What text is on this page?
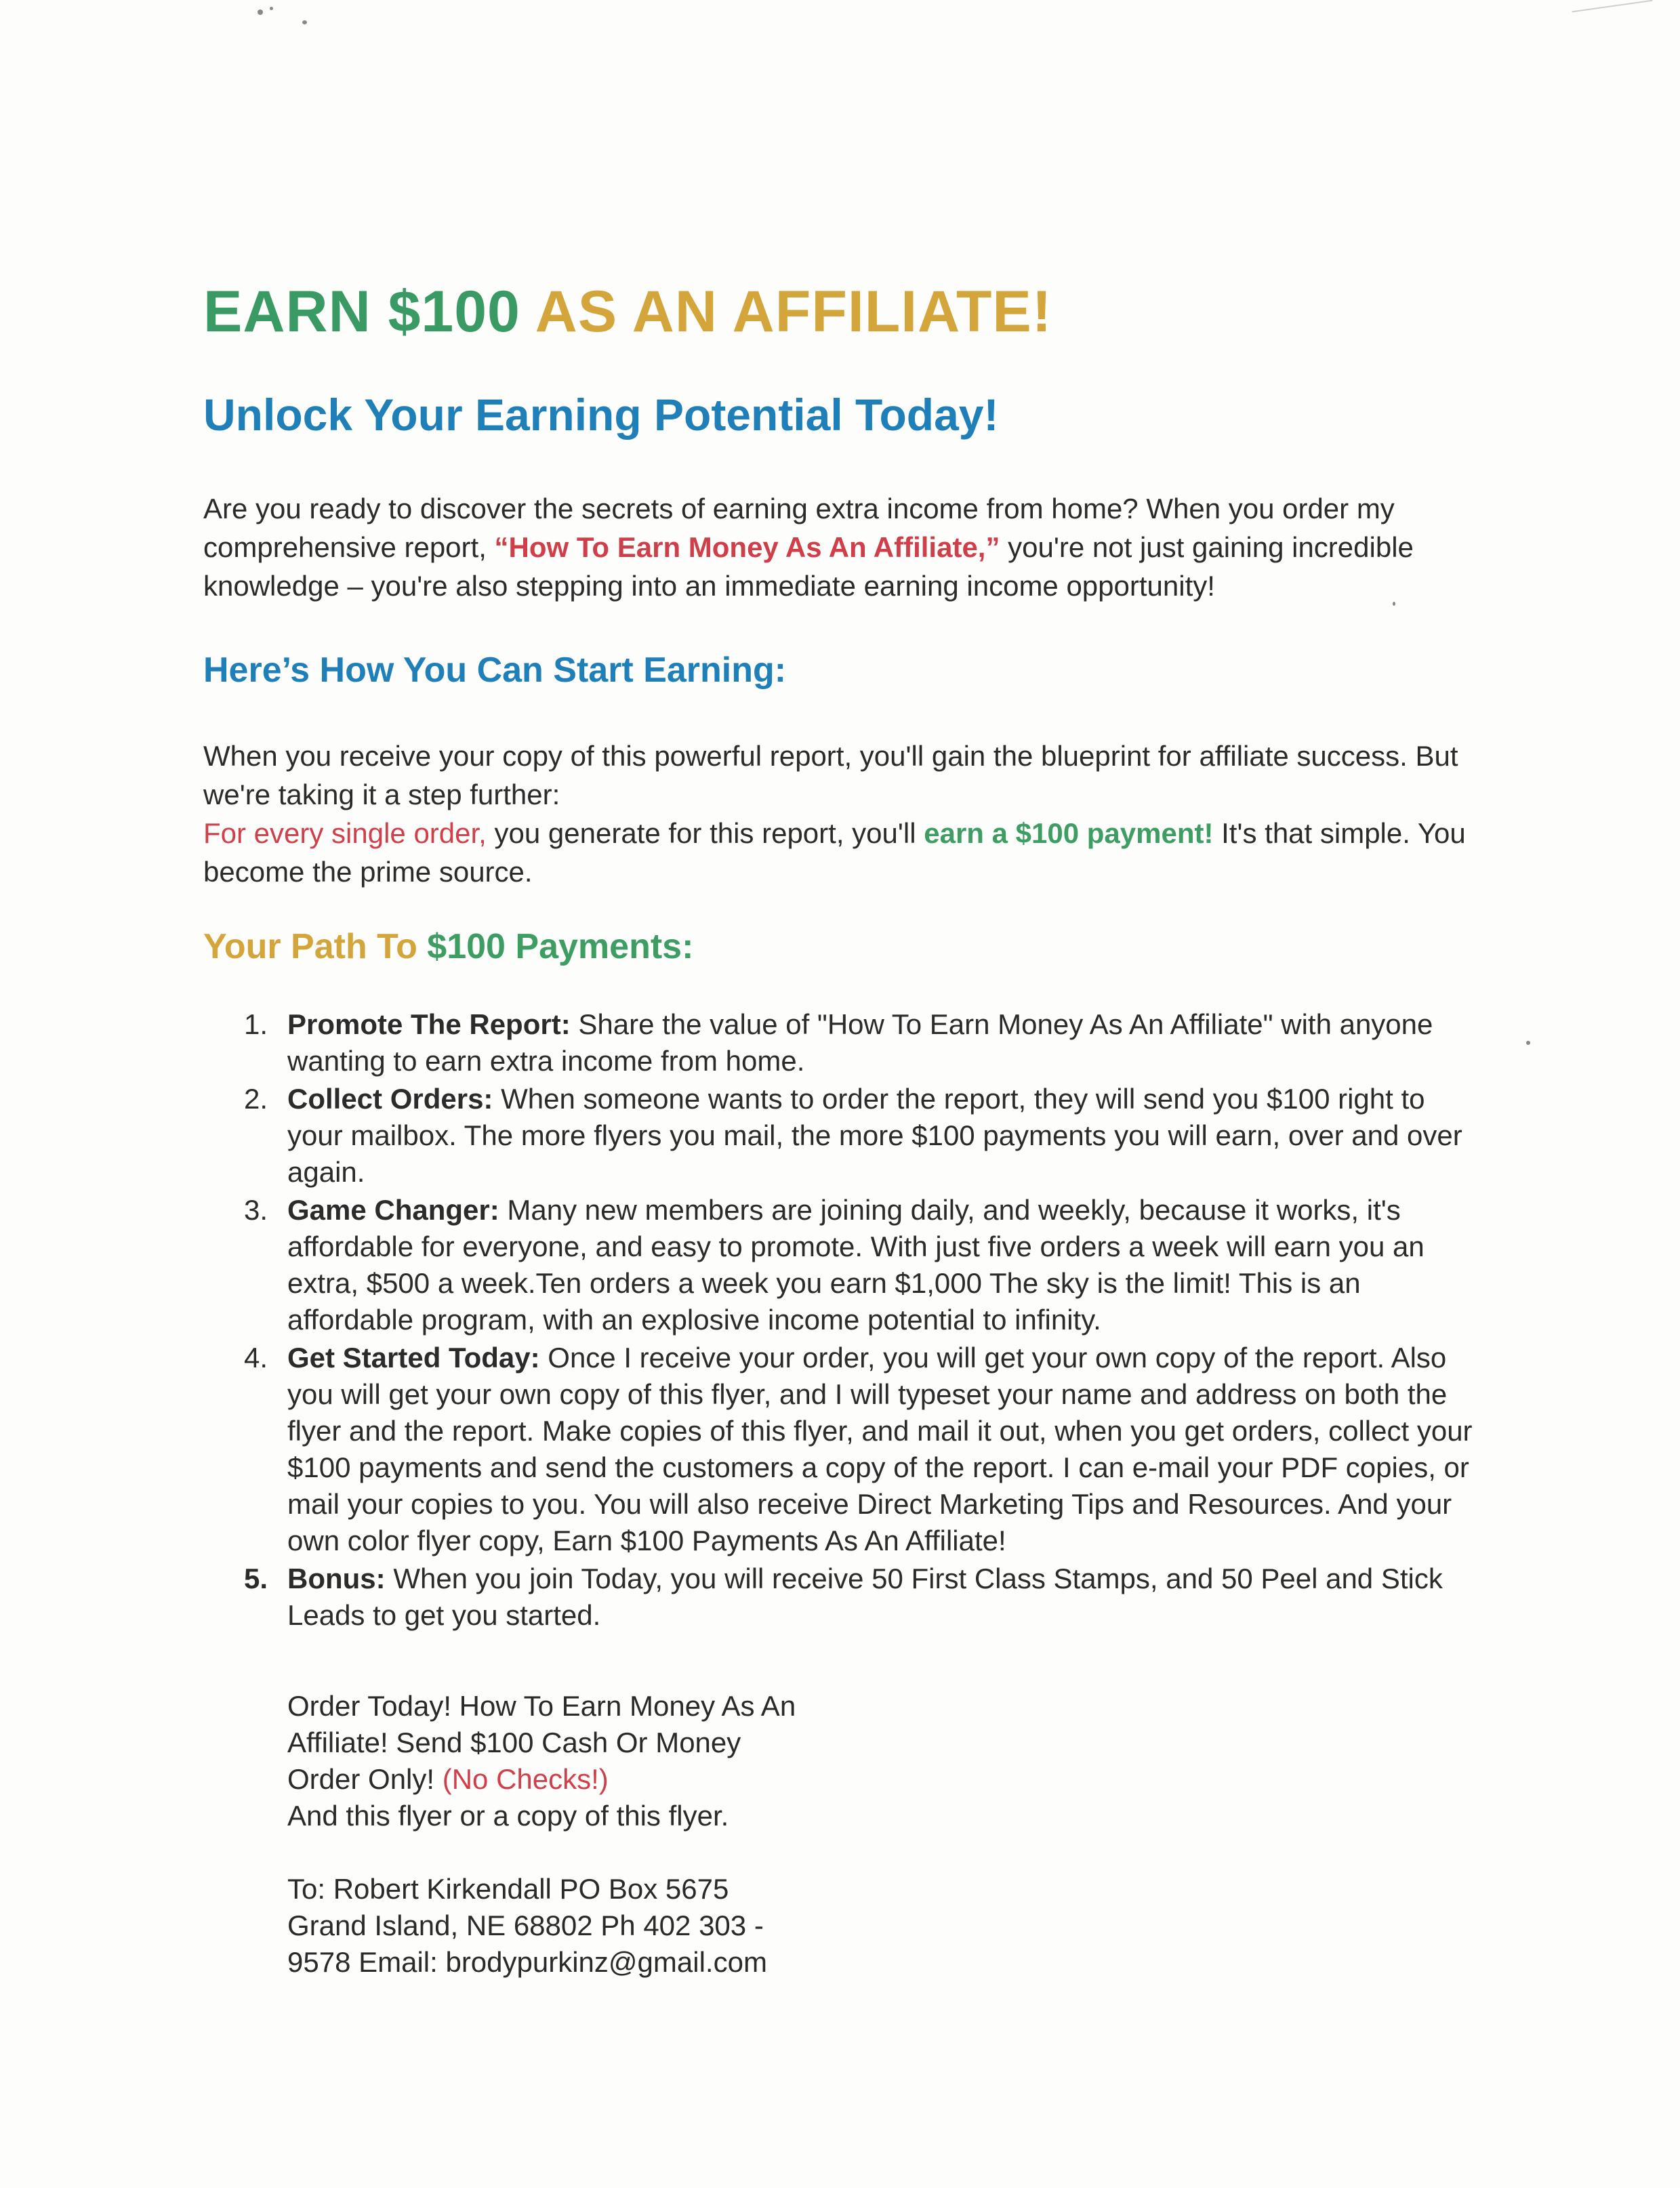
EARN $100 AS AN AFFILIATE!
Unlock Your Earning Potential Today!

Are you ready to discover the secrets of earning extra income from home? When you order my comprehensive report, “How To Earn Money As An Affiliate,” you're not just gaining incredible knowledge – you're also stepping into an immediate earning income opportunity!

Here’s How You Can Start Earning:

When you receive your copy of this powerful report, you'll gain the blueprint for affiliate success. But we're taking it a step further:
For every single order, you generate for this report, you'll earn a $100 payment! It's that simple. You become the prime source.

Your Path To $100 Payments:
1. Promote The Report: Share the value of "How To Earn Money As An Affiliate" with anyone wanting to earn extra income from home.
2. Collect Orders: When someone wants to order the report, they will send you $100 right to your mailbox. The more flyers you mail, the more $100 payments you will earn, over and over again.
3. Game Changer: Many new members are joining daily, and weekly, because it works, it's affordable for everyone, and easy to promote. With just five orders a week will earn you an extra, $500 a week.Ten orders a week you earn $1,000 The sky is the limit! This is an affordable program, with an explosive income potential to infinity.
4. Get Started Today: Once I receive your order, you will get your own copy of the report. Also you will get your own copy of this flyer, and I will typeset your name and address on both the flyer and the report. Make copies of this flyer, and mail it out, when you get orders, collect your $100 payments and send the customers a copy of the report. I can e-mail your PDF copies, or mail your copies to you. You will also receive Direct Marketing Tips and Resources. And your own color flyer copy, Earn $100 Payments As An Affiliate!
5. Bonus: When you join Today, you will receive 50 First Class Stamps, and 50 Peel and Stick Leads to get you started.
Order Today! How To Earn Money As An Affiliate! Send $100 Cash Or Money Order Only! (No Checks!)
And this flyer or a copy of this flyer.
To: Robert Kirkendall PO Box 5675 Grand Island, NE 68802 Ph 402 303 - 9578 Email: brodypurkinz@gmail.com
